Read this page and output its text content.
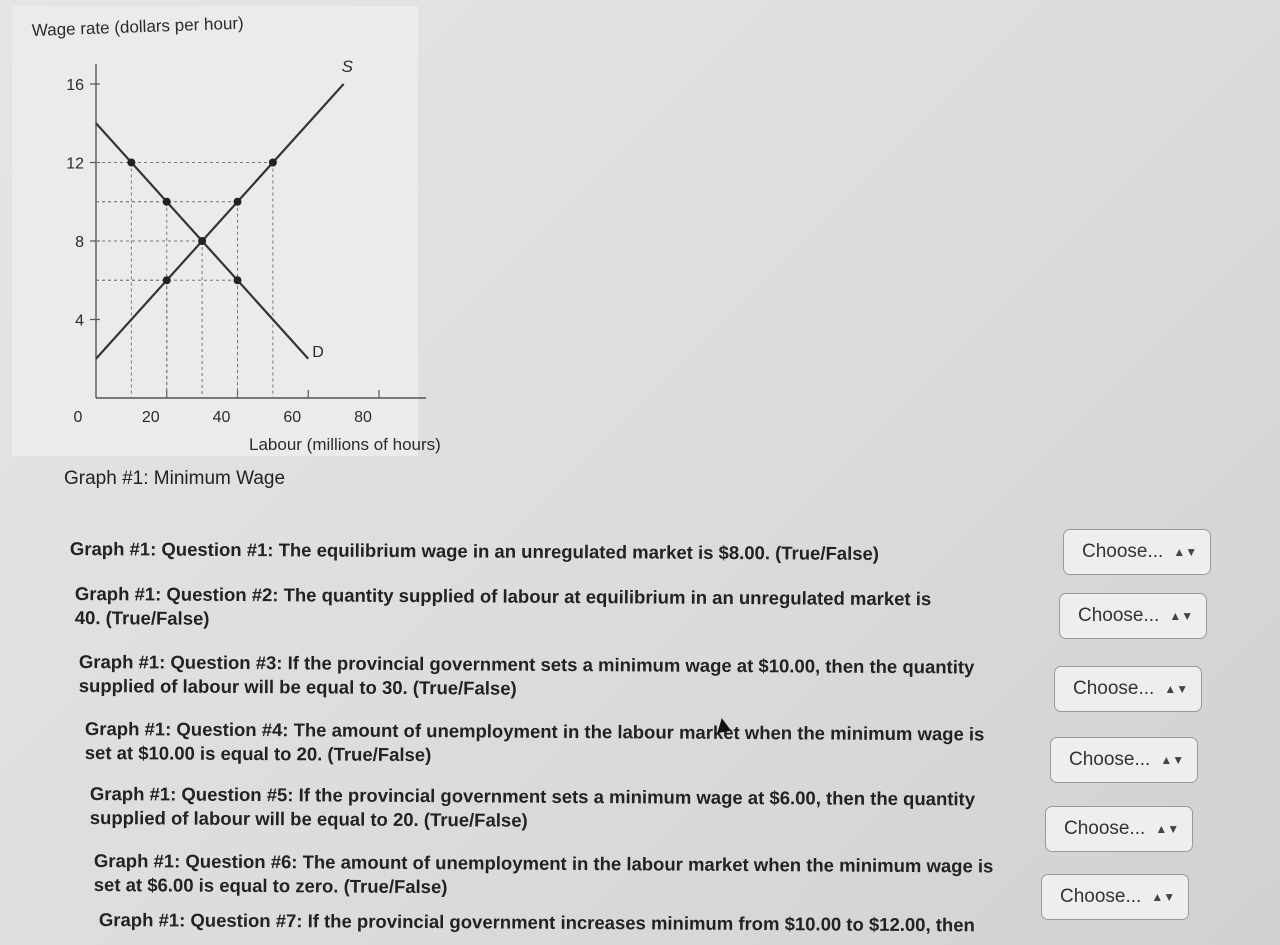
Wage rate (dollars per hour)
Labour (millions of hours)
16
12
8
4
0	20	40	60	80
S
D
Graph #1: Minimum Wage
Graph #1: Question #1: The equilibrium wage in an unregulated market is $8.00. (True/False)
Graph #1: Question #2: The quantity supplied of labour at equilibrium in an unregulated market is
40. (True/False)
Graph #1: Question #3: If the provincial government sets a minimum wage at $10.00, then the quantity
supplied of labour will be equal to 30. (True/False)
Graph #1: Question #4: The amount of unemployment in the labour market when the minimum wage is
set at $10.00 is equal to 20. (True/False)
Graph #1: Question #5: If the provincial government sets a minimum wage at $6.00, then the quantity
supplied of labour will be equal to 20. (True/False)
Graph #1: Question #6: The amount of unemployment in the labour market when the minimum wage is
set at $6.00 is equal to zero. (True/False)
Graph #1: Question #7: If the provincial government increases minimum from $10.00 to $12.00, then
Choose... ▲▼
Choose... ▲▼
Choose... ▲▼
Choose... ▲▼
Choose... ▲▼
Choose... ▲▼
